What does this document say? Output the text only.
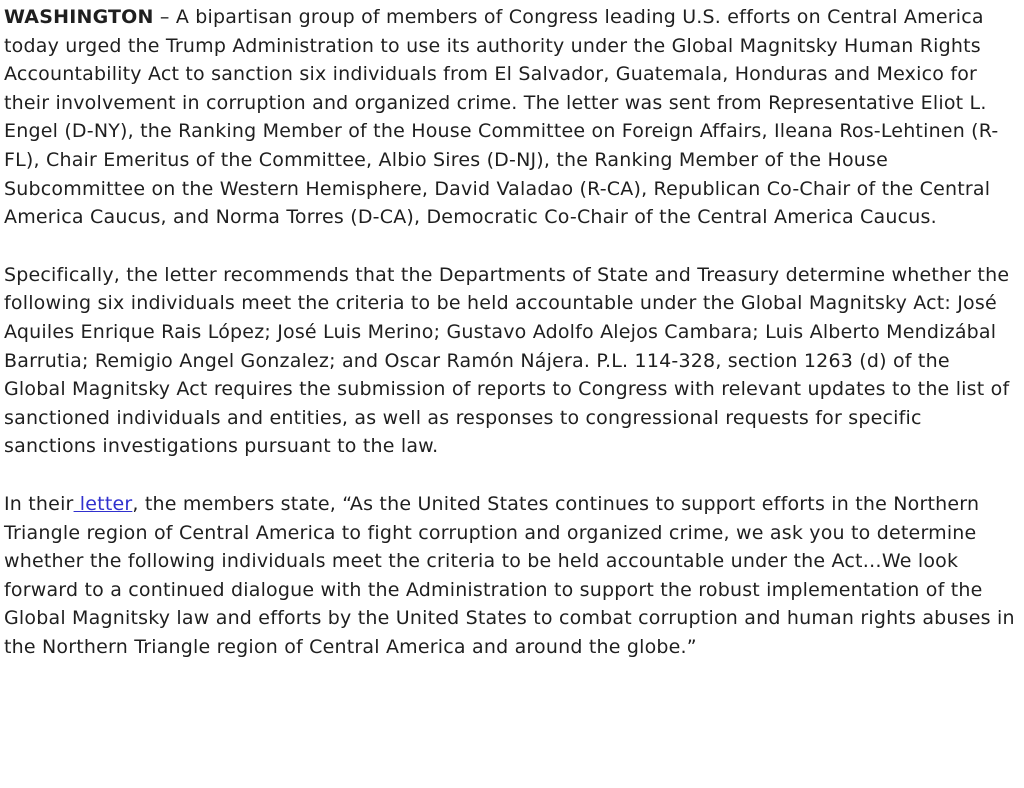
WASHINGTON – A bipartisan group of members of Congress leading U.S. efforts on Central America today urged the Trump Administration to use its authority under the Global Magnitsky Human Rights Accountability Act to sanction six individuals from El Salvador, Guatemala, Honduras and Mexico for their involvement in corruption and organized crime. The letter was sent from Representative Eliot L. Engel (D-NY), the Ranking Member of the House Committee on Foreign Affairs, Ileana Ros-Lehtinen (R-FL), Chair Emeritus of the Committee, Albio Sires (D-NJ), the Ranking Member of the House Subcommittee on the Western Hemisphere, David Valadao (R-CA), Republican Co-Chair of the Central America Caucus, and Norma Torres (D-CA), Democratic Co-Chair of the Central America Caucus.

Specifically, the letter recommends that the Departments of State and Treasury determine whether the following six individuals meet the criteria to be held accountable under the Global Magnitsky Act: José Aquiles Enrique Rais López; José Luis Merino; Gustavo Adolfo Alejos Cambara; Luis Alberto Mendizábal Barrutia; Remigio Angel Gonzalez; and Oscar Ramón Nájera. P.L. 114-328, section 1263 (d) of the Global Magnitsky Act requires the submission of reports to Congress with relevant updates to the list of sanctioned individuals and entities, as well as responses to congressional requests for specific sanctions investigations pursuant to the law.

In their letter, the members state, “As the United States continues to support efforts in the Northern Triangle region of Central America to fight corruption and organized crime, we ask you to determine whether the following individuals meet the criteria to be held accountable under the Act…We look forward to a continued dialogue with the Administration to support the robust implementation of the Global Magnitsky law and efforts by the United States to combat corruption and human rights abuses in the Northern Triangle region of Central America and around the globe.”
